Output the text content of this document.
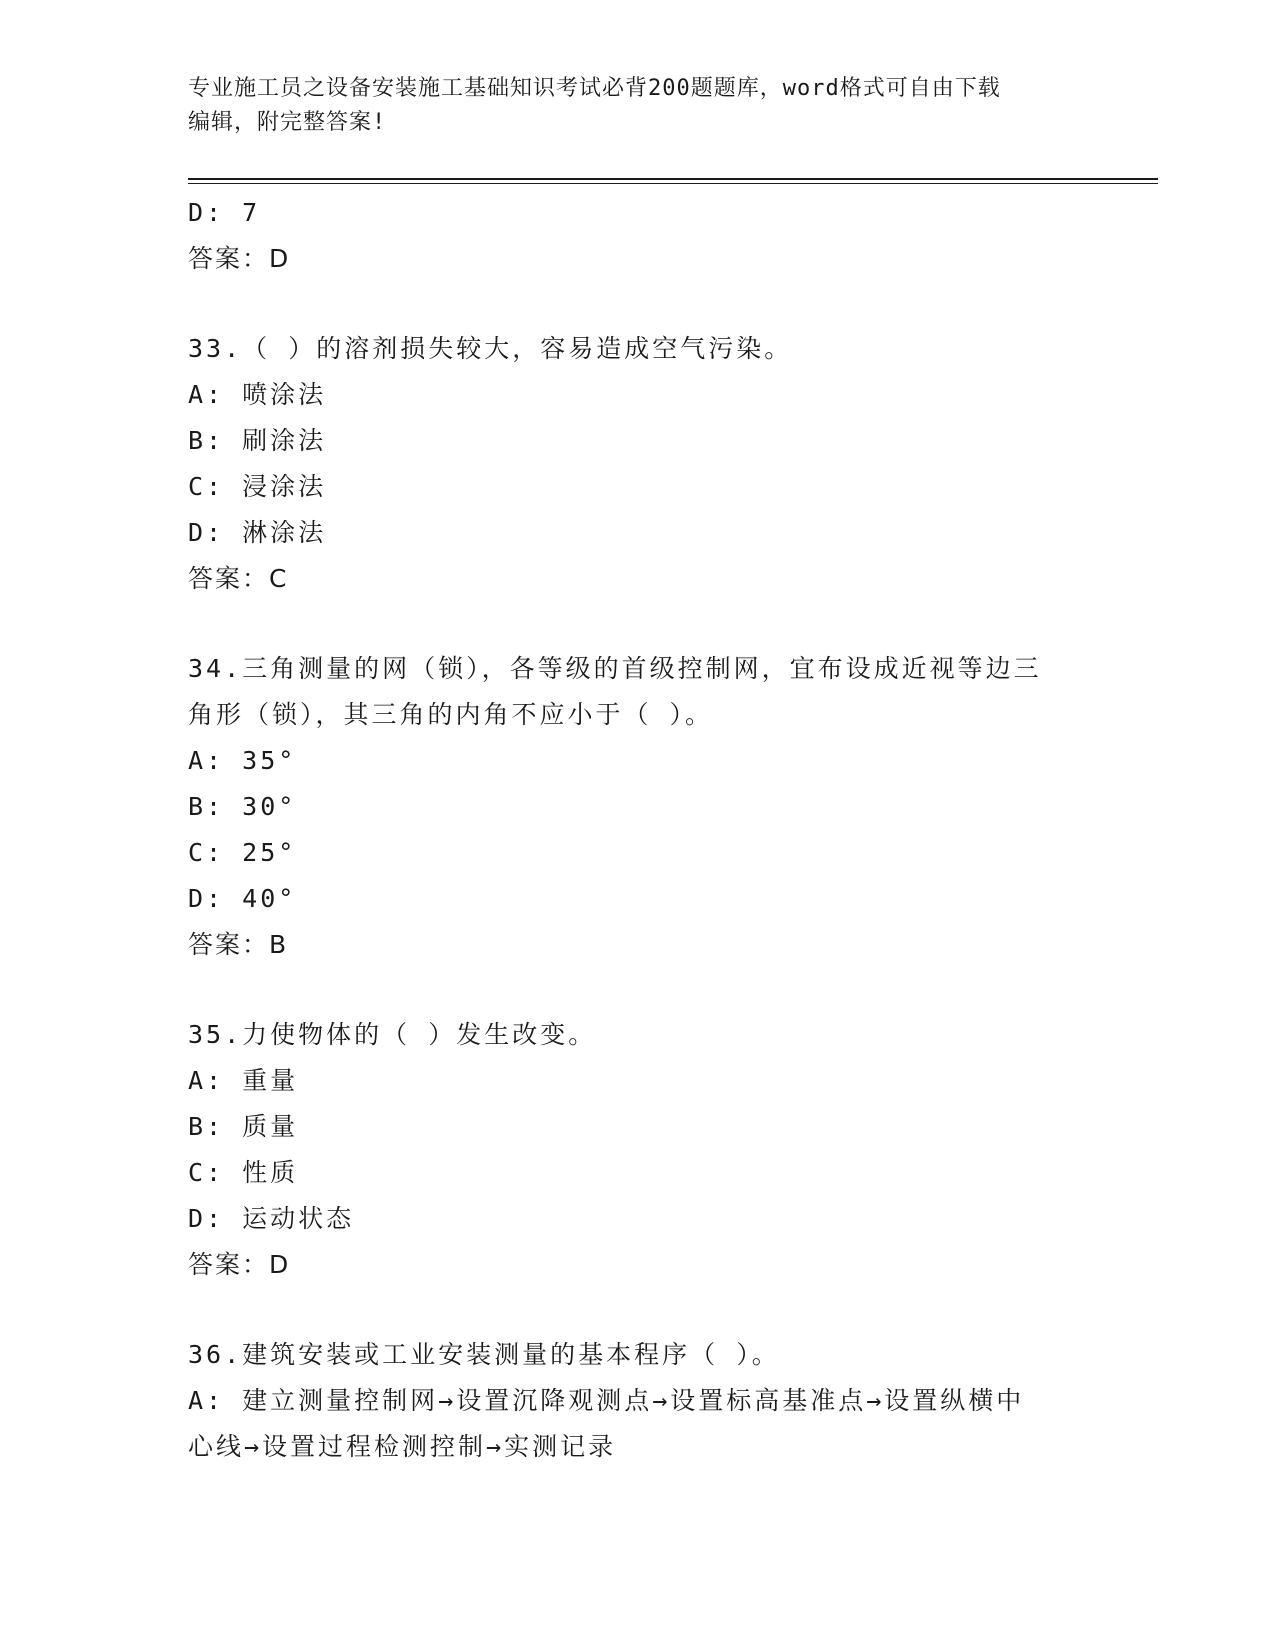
专业施工员之设备安装施工基础知识考试必背200题题库，word格式可自由下载
编辑，附完整答案!
D: 7
答案：D
33.（ ）的溶剂损失较大，容易造成空气污染。
A: 喷涂法
B: 刷涂法
C: 浸涂法
D: 淋涂法
答案：C
34.三角测量的网（锁），各等级的首级控制网，宜布设成近视等边三
角形（锁），其三角的内角不应小于（ ）。
A: 35°
B: 30°
C: 25°
D: 40°
答案：B
35.力使物体的（ ）发生改变。
A: 重量
B: 质量
C: 性质
D: 运动状态
答案：D
36.建筑安装或工业安装测量的基本程序（ ）。
A: 建立测量控制网→设置沉降观测点→设置标高基准点→设置纵横中
心线→设置过程检测控制→实测记录
